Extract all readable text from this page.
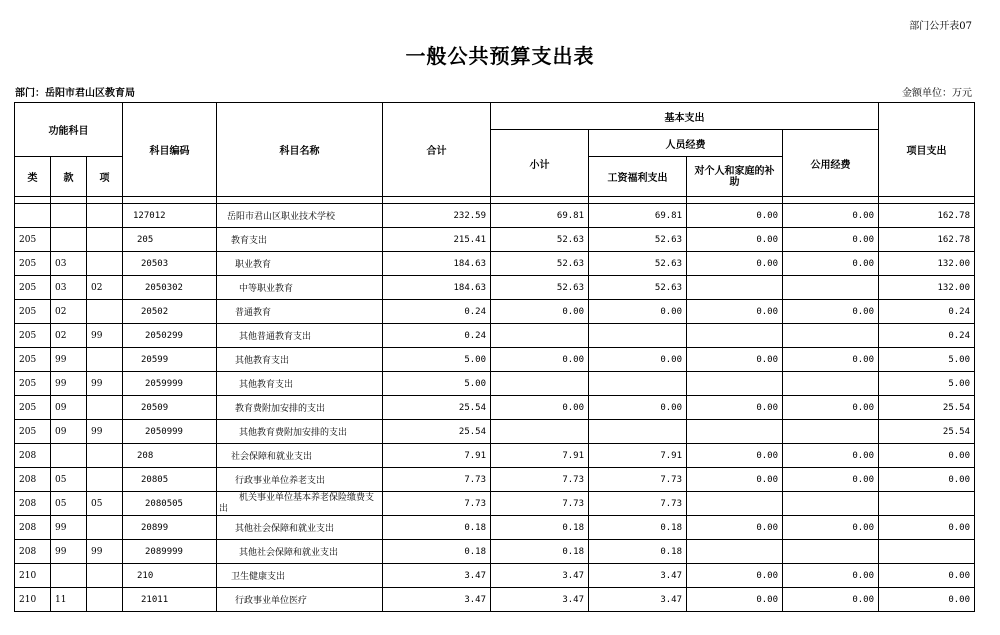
部门公开表07
一般公共预算支出表
部门：岳阳市君山区教育局	金额单位：万元
功能科目			科目编码	科目名称	合计	基本支出				项目支出
						小计	人员经费		公用经费	
类	款	项					工资福利支出	对个人和家庭的补助		

			127012	岳阳市君山区职业技术学校	232.59	69.81	69.81	0.00	0.00	162.78
205			205	教育支出	215.41	52.63	52.63	0.00	0.00	162.78
205	03		20503	职业教育	184.63	52.63	52.63	0.00	0.00	132.00
205	03	02	2050302	中等职业教育	184.63	52.63	52.63			132.00
205	02		20502	普通教育	0.24	0.00	0.00	0.00	0.00	0.24
205	02	99	2050299	其他普通教育支出	0.24					0.24
205	99		20599	其他教育支出	5.00	0.00	0.00	0.00	0.00	5.00
205	99	99	2059999	其他教育支出	5.00					5.00
205	09		20509	教育费附加安排的支出	25.54	0.00	0.00	0.00	0.00	25.54
205	09	99	2050999	其他教育费附加安排的支出	25.54					25.54
208			208	社会保障和就业支出	7.91	7.91	7.91	0.00	0.00	0.00
208	05		20805	行政事业单位养老支出	7.73	7.73	7.73	0.00	0.00	0.00
208	05	05	2080505	机关事业单位基本养老保险缴费支出	7.73	7.73	7.73			
208	99		20899	其他社会保障和就业支出	0.18	0.18	0.18	0.00	0.00	0.00
208	99	99	2089999	其他社会保障和就业支出	0.18	0.18	0.18			
210			210	卫生健康支出	3.47	3.47	3.47	0.00	0.00	0.00
210	11		21011	行政事业单位医疗	3.47	3.47	3.47	0.00	0.00	0.00
